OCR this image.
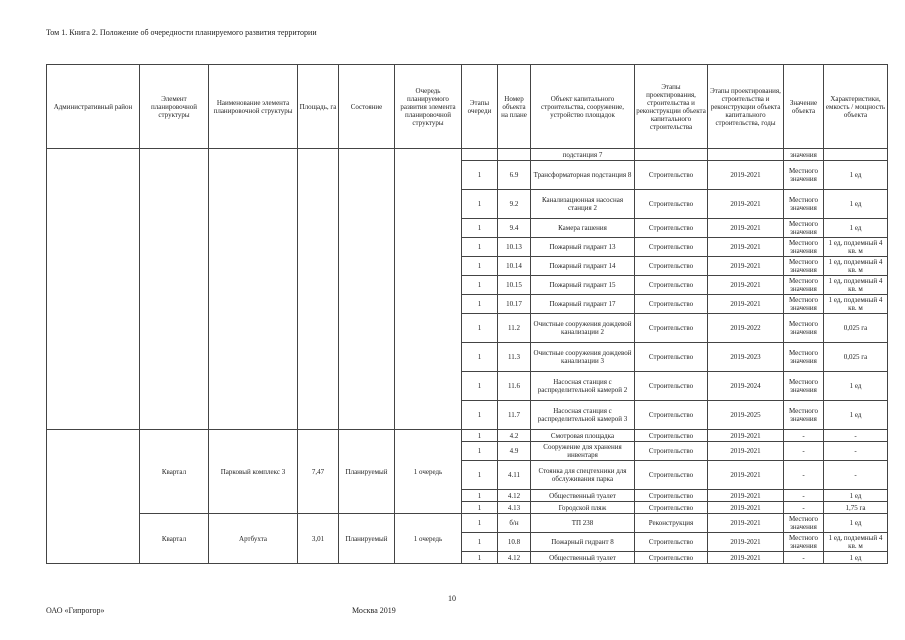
Том 1. Книга 2. Положение об очередности планируемого развития территории
Административный район	Элемент планировочной структуры	Наименование элемента планировочной структуры	Площадь, га	Состояние	Очередь планируемого развития элемента планировочной структуры	Этапы очереди	Номер объекта на плане	Объект капитального строительства, сооружение, устройство площадок	Этапы проектирования, строительства и реконструкции объекта капитального строительства	Этапы проектирования, строительства и реконструкции объекта капитального строительства, годы	Значение объекта	Характеристики, емкость / мощность объекта
								подстанция 7			значения	
						1	6.9	Трансформаторная подстанция 8	Строительство	2019-2021	Местного значения	1 ед
						1	9.2	Канализационная насосная станция 2	Строительство	2019-2021	Местного значения	1 ед
						1	9.4	Камера гашения	Строительство	2019-2021	Местного значения	1 ед
						1	10.13	Пожарный гидрант 13	Строительство	2019-2021	Местного значения	1 ед, подземный 4 кв. м
						1	10.14	Пожарный гидрант 14	Строительство	2019-2021	Местного значения	1 ед, подземный 4 кв. м
						1	10.15	Пожарный гидрант 15	Строительство	2019-2021	Местного значения	1 ед, подземный 4 кв. м
						1	10.17	Пожарный гидрант 17	Строительство	2019-2021	Местного значения	1 ед, подземный 4 кв. м
						1	11.2	Очистные сооружения дождевой канализации 2	Строительство	2019-2022	Местного значения	0,025 га
						1	11.3	Очистные сооружения дождевой канализации 3	Строительство	2019-2023	Местного значения	0,025 га
						1	11.6	Насосная станция с распределительной камерой 2	Строительство	2019-2024	Местного значения	1 ед
						1	11.7	Насосная станция с распределительной камерой 3	Строительство	2019-2025	Местного значения	1 ед
	Квартал	Парковый комплекс 3	7,47	Планируемый	1 очередь	1	4.2	Смотровая площадка	Строительство	2019-2021	-	-
						1	4.9	Сооружение для хранения инвентаря	Строительство	2019-2021	-	-
						1	4.11	Стоянка для спецтехники для обслуживания парка	Строительство	2019-2021	-	-
						1	4.12	Общественный туалет	Строительство	2019-2021	-	1 ед
						1	4.13	Городской пляж	Строительство	2019-2021	-	1,75 га
	Квартал	Артбухта	3,01	Планируемый	1 очередь	1	б/н	ТП 238	Реконструкция	2019-2021	Местного значения	1 ед
						1	10.8	Пожарный гидрант 8	Строительство	2019-2021	Местного значения	1 ед, подземный 4 кв. м
						1	4.12	Общественный туалет	Строительство	2019-2021	-	1 ед
10
ОАО «Гипрогор»	Москва 2019
